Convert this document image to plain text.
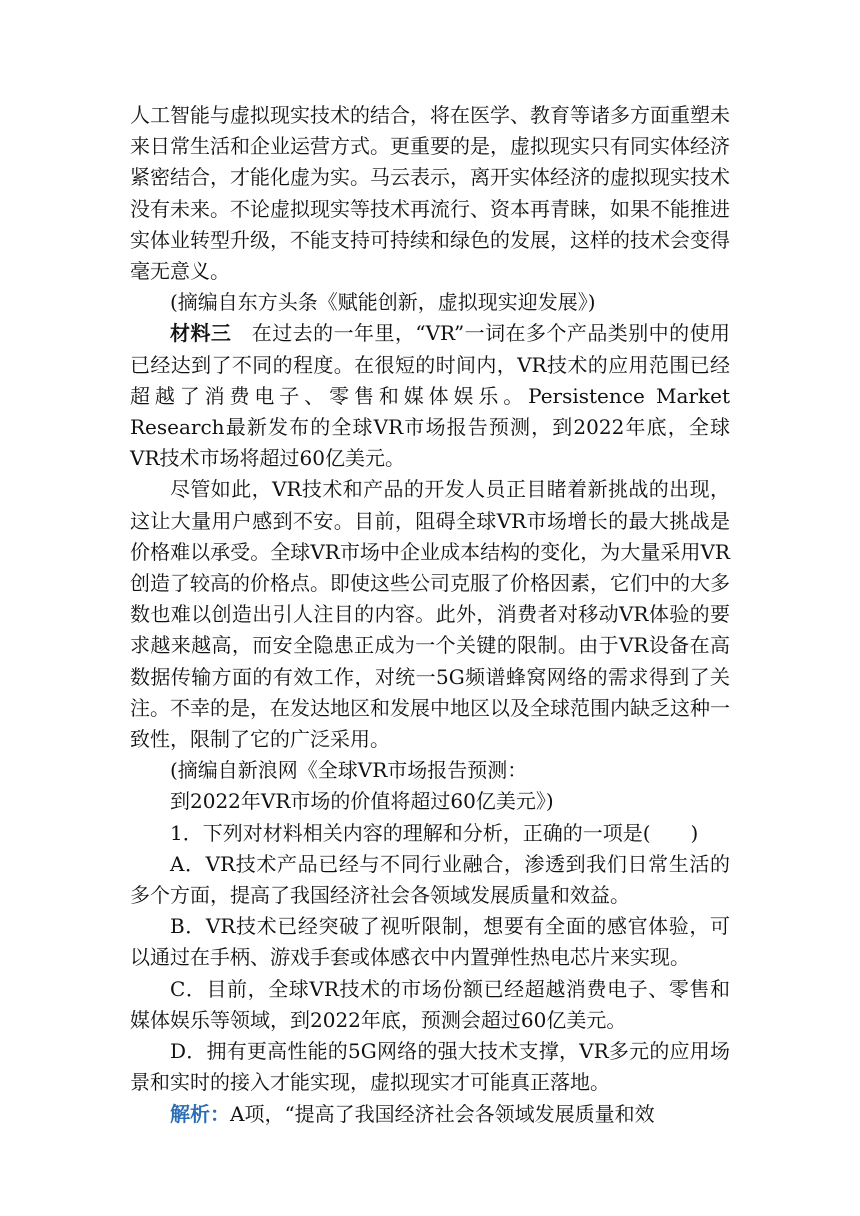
人工智能与虚拟现实技术的结合，将在医学、教育等诸多方面重塑未来日常生活和企业运营方式。更重要的是，虚拟现实只有同实体经济紧密结合，才能化虚为实。马云表示，离开实体经济的虚拟现实技术没有未来。不论虚拟现实等技术再流行、资本再青睐，如果不能推进实体业转型升级，不能支持可持续和绿色的发展，这样的技术会变得毫无意义。

(摘编自东方头条《赋能创新，虚拟现实迎发展》)

材料三　 在过去的一年里，“VR”一词在多个产品类别中的使用已经达到了不同的程度。在很短的时间内，VR技术的应用范围已经超越了消费电子、零售和媒体娱乐。Persistence Market Research最新发布的全球VR市场报告预测，到2022年底，全球VR技术市场将超过60亿美元。

尽管如此，VR技术和产品的开发人员正目睹着新挑战的出现，这让大量用户感到不安。目前，阻碍全球VR市场增长的最大挑战是价格难以承受。全球VR市场中企业成本结构的变化，为大量采用VR创造了较高的价格点。即使这些公司克服了价格因素，它们中的大多数也难以创造出引人注目的内容。此外，消费者对移动VR体验的要求越来越高，而安全隐患正成为一个关键的限制。由于VR设备在高数据传输方面的有效工作，对统一5G频谱蜂窝网络的需求得到了关注。不幸的是，在发达地区和发展中地区以及全球范围内缺乏这种一致性，限制了它的广泛采用。

(摘编自新浪网《全球VR市场报告预测：

到2022年VR市场的价值将超过60亿美元》)

1．下列对材料相关内容的理解和分析，正确的一项是(　　)

A．VR技术产品已经与不同行业融合，渗透到我们日常生活的多个方面，提高了我国经济社会各领域发展质量和效益。

B．VR技术已经突破了视听限制，想要有全面的感官体验，可以通过在手柄、游戏手套或体感衣中内置弹性热电芯片来实现。

C．目前，全球VR技术的市场份额已经超越消费电子、零售和媒体娱乐等领域，到2022年底，预测会超过60亿美元。

D．拥有更高性能的5G网络的强大技术支撑，VR多元的应用场景和实时的接入才能实现，虚拟现实才可能真正落地。

解析：A项，“提高了我国经济社会各领域发展质量和效
